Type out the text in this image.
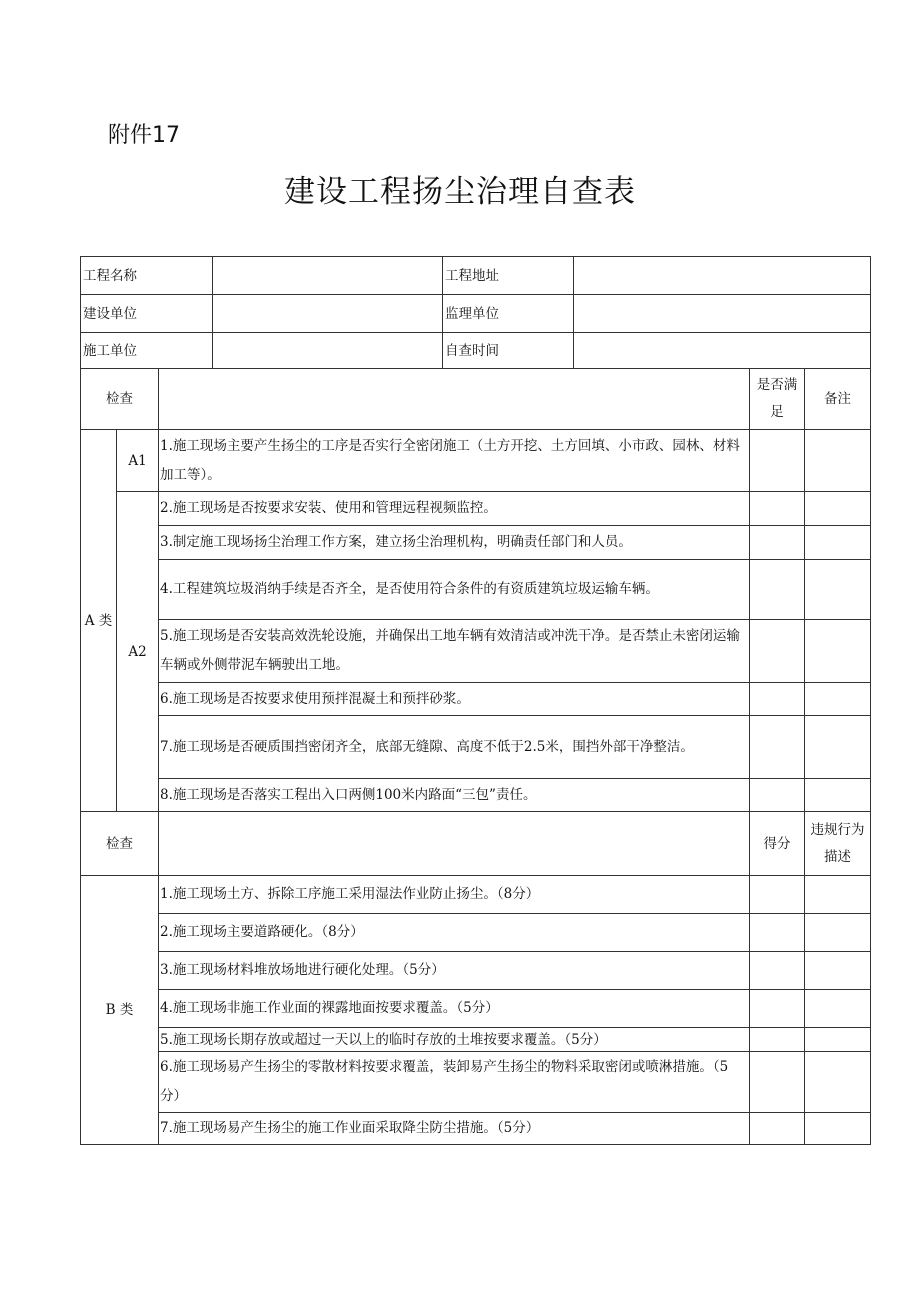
附件17
建设工程扬尘治理自查表
工程名称				工程地址			
建设单位				监理单位			
施工单位				自查时间			
检查						是否满足	备注
A 类	A1	1.施工现场主要产生扬尘的工序是否实行全密闭施工（土方开挖、土方回填、小市政、园林、材料加工等）。					
	A2	2.施工现场是否按要求安装、使用和管理远程视频监控。					
		3.制定施工现场扬尘治理工作方案，建立扬尘治理机构，明确责任部门和人员。					
		4.工程建筑垃圾消纳手续是否齐全，是否使用符合条件的有资质建筑垃圾运输车辆。					
		5.施工现场是否安装高效洗轮设施，并确保出工地车辆有效清洁或冲洗干净。是否禁止未密闭运输车辆或外侧带泥车辆驶出工地。					
		6.施工现场是否按要求使用预拌混凝土和预拌砂浆。					
		7.施工现场是否硬质围挡密闭齐全，底部无缝隙、高度不低于2.5米，围挡外部干净整洁。					
		8.施工现场是否落实工程出入口两侧100米内路面“三包”责任。					
检查						得分	违规行为描述
B 类		1.施工现场土方、拆除工序施工采用湿法作业防止扬尘。（8分）					
		2.施工现场主要道路硬化。（8分）					
		3.施工现场材料堆放场地进行硬化处理。（5分）					
		4.施工现场非施工作业面的裸露地面按要求覆盖。（5分）					
		5.施工现场长期存放或超过一天以上的临时存放的土堆按要求覆盖。（5分）					
		6.施工现场易产生扬尘的零散材料按要求覆盖，装卸易产生扬尘的物料采取密闭或喷淋措施。（5分）					
		7.施工现场易产生扬尘的施工作业面采取降尘防尘措施。（5分）					
